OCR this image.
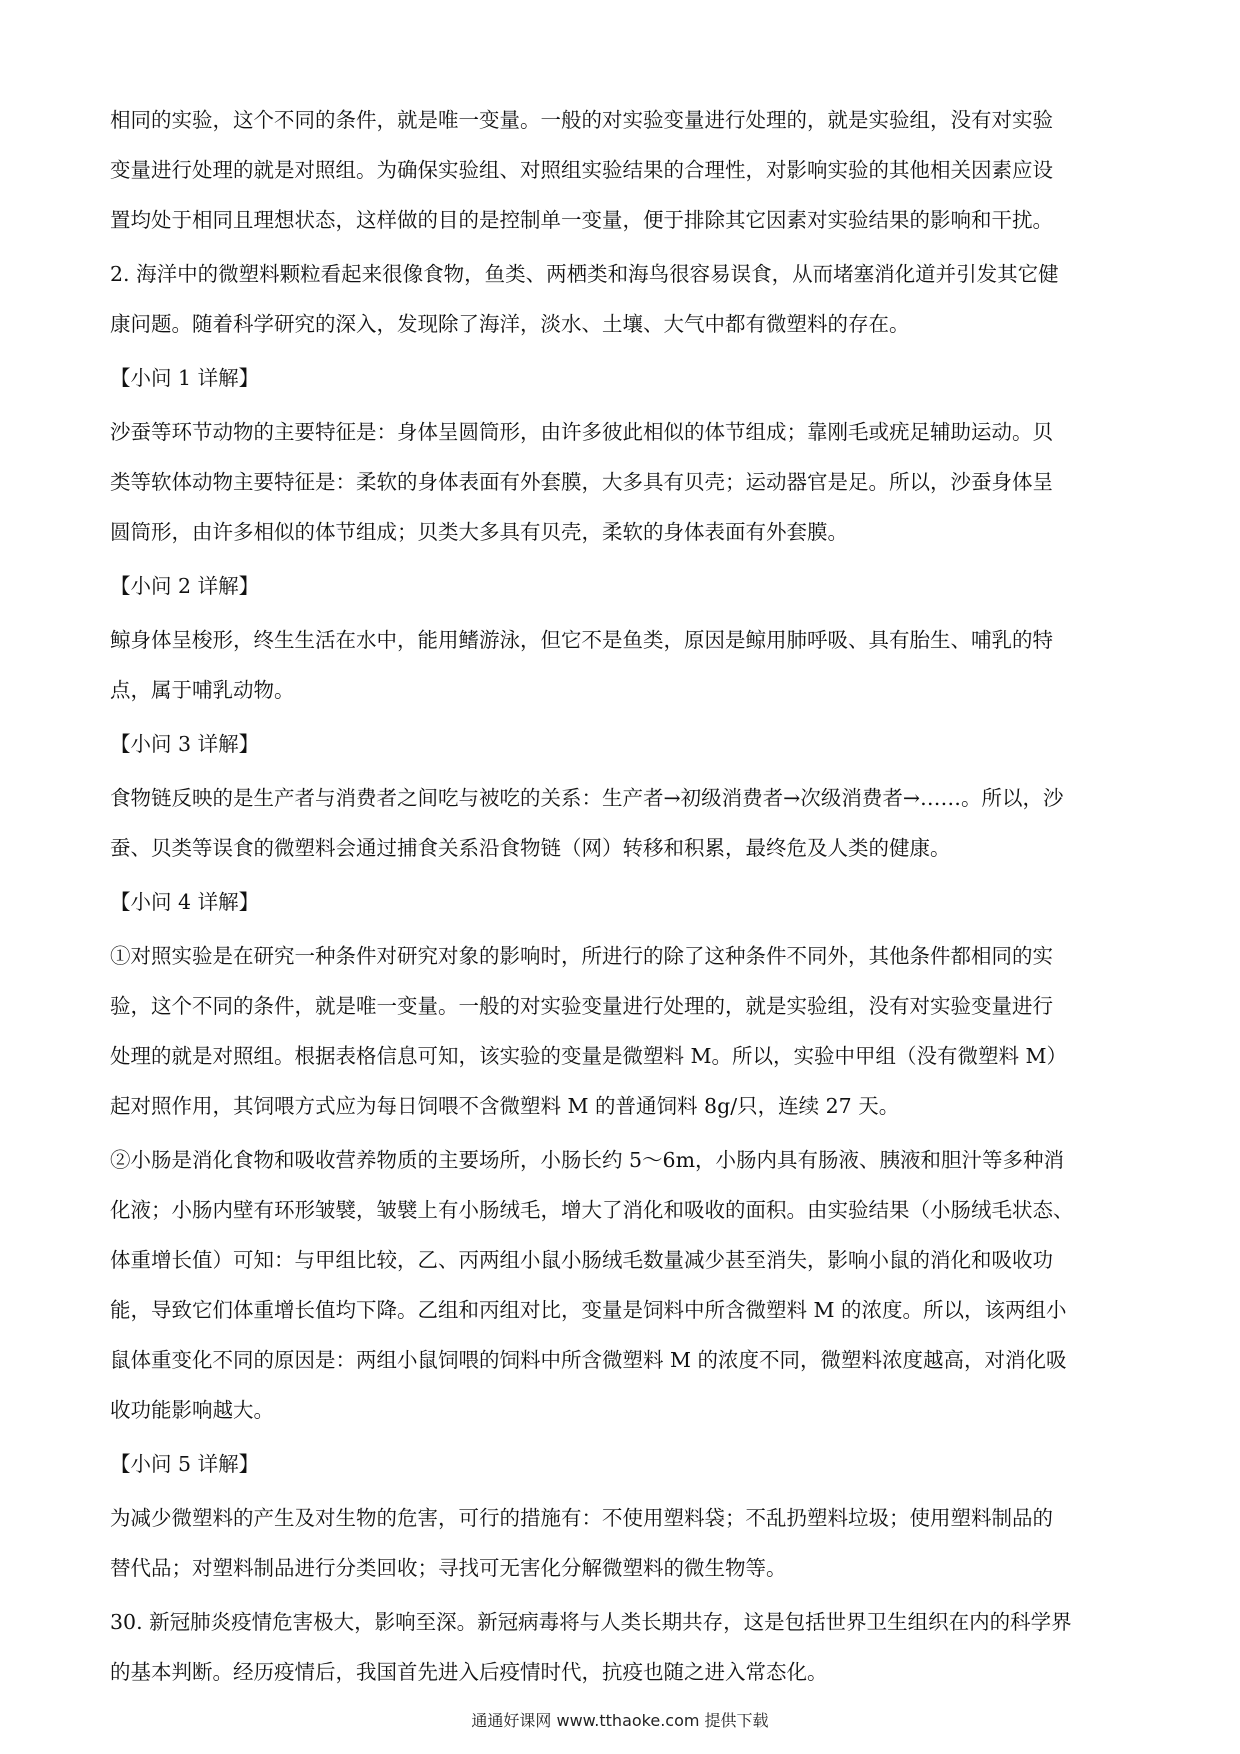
相同的实验，这个不同的条件，就是唯一变量。一般的对实验变量进行处理的，就是实验组，没有对实验
变量进行处理的就是对照组。为确保实验组、对照组实验结果的合理性，对影响实验的其他相关因素应设
置均处于相同且理想状态，这样做的目的是控制单一变量，便于排除其它因素对实验结果的影响和干扰。
2. 海洋中的微塑料颗粒看起来很像食物，鱼类、两栖类和海鸟很容易误食，从而堵塞消化道并引发其它健
康问题。随着科学研究的深入，发现除了海洋，淡水、土壤、大气中都有微塑料的存在。
【小问 1 详解】
沙蚕等环节动物的主要特征是：身体呈圆筒形，由许多彼此相似的体节组成；靠刚毛或疣足辅助运动。贝
类等软体动物主要特征是：柔软的身体表面有外套膜，大多具有贝壳；运动器官是足。所以，沙蚕身体呈
圆筒形，由许多相似的体节组成；贝类大多具有贝壳，柔软的身体表面有外套膜。
【小问 2 详解】
鲸身体呈梭形，终生生活在水中，能用鳍游泳，但它不是鱼类，原因是鲸用肺呼吸、具有胎生、哺乳的特
点，属于哺乳动物。
【小问 3 详解】
食物链反映的是生产者与消费者之间吃与被吃的关系：生产者→初级消费者→次级消费者→……。所以，沙
蚕、贝类等误食的微塑料会通过捕食关系沿食物链（网）转移和积累，最终危及人类的健康。
【小问 4 详解】
①对照实验是在研究一种条件对研究对象的影响时，所进行的除了这种条件不同外，其他条件都相同的实
验，这个不同的条件，就是唯一变量。一般的对实验变量进行处理的，就是实验组，没有对实验变量进行
处理的就是对照组。根据表格信息可知，该实验的变量是微塑料 M。所以，实验中甲组（没有微塑料 M）
起对照作用，其饲喂方式应为每日饲喂不含微塑料 M 的普通饲料 8g/只，连续 27 天。
②小肠是消化食物和吸收营养物质的主要场所，小肠长约 5～6m，小肠内具有肠液、胰液和胆汁等多种消
化液；小肠内壁有环形皱襞，皱襞上有小肠绒毛，增大了消化和吸收的面积。由实验结果（小肠绒毛状态、
体重增长值）可知：与甲组比较，乙、丙两组小鼠小肠绒毛数量减少甚至消失，影响小鼠的消化和吸收功
能，导致它们体重增长值均下降。乙组和丙组对比，变量是饲料中所含微塑料 M 的浓度。所以，该两组小
鼠体重变化不同的原因是：两组小鼠饲喂的饲料中所含微塑料 M 的浓度不同，微塑料浓度越高，对消化吸
收功能影响越大。
【小问 5 详解】
为减少微塑料的产生及对生物的危害，可行的措施有：不使用塑料袋；不乱扔塑料垃圾；使用塑料制品的
替代品；对塑料制品进行分类回收；寻找可无害化分解微塑料的微生物等。
30. 新冠肺炎疫情危害极大，影响至深。新冠病毒将与人类长期共存，这是包括世界卫生组织在内的科学界
的基本判断。经历疫情后，我国首先进入后疫情时代，抗疫也随之进入常态化。
通通好课网 www.tthaoke.com 提供下载
